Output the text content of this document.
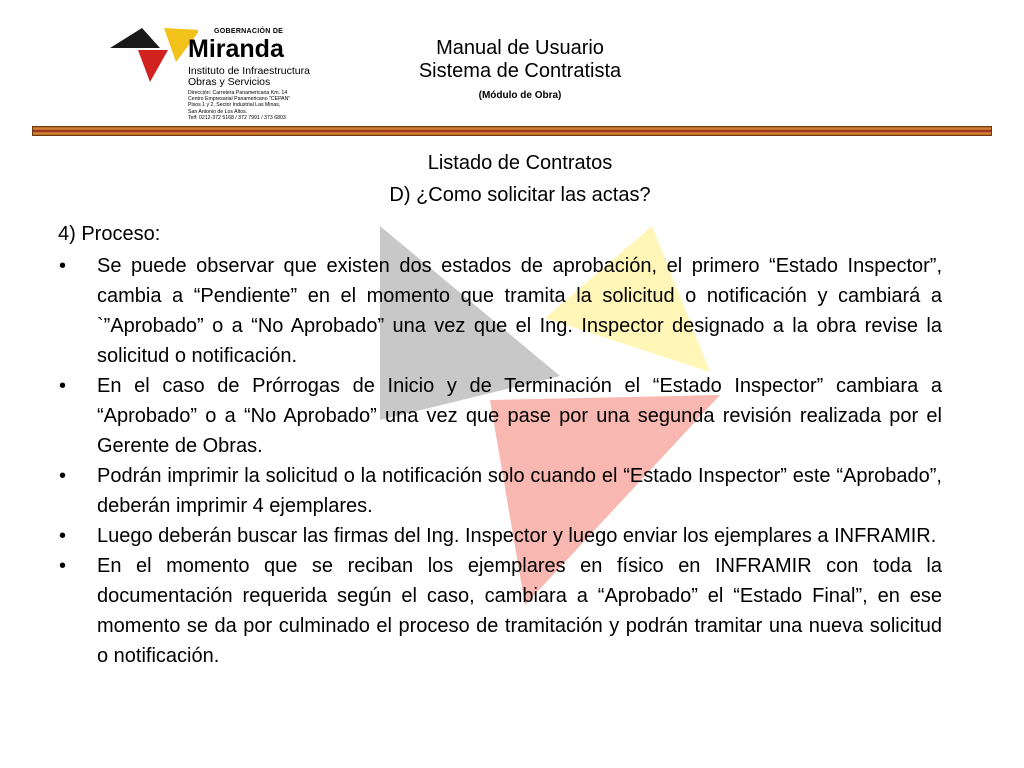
GOBERNACIÓN DE
Miranda
Instituto de Infraestructura
Obras y Servicios
Dirección: Carretera Panamericana Km. 14
Centro Empresarial Panamericano "CEPAN"
Pisos 1 y 2, Sector Industrial Las Minas,
San Antonio de Los Altos.
Telf: 0212-372 5168 / 372 7991 / 373 6803
Manual de Usuario
Sistema de Contratista
(Módulo de Obra)
Listado de Contratos
D) ¿Como solicitar las actas?
4) Proceso:
• Se puede observar que existen dos estados de aprobación, el primero “Estado Inspector”, cambia a “Pendiente” en el momento que tramita la solicitud o notificación y cambiará a `”Aprobado” o a “No Aprobado” una vez que el Ing. Inspector designado a la obra revise la solicitud o notificación.
• En el caso de Prórrogas de Inicio y de Terminación el “Estado Inspector” cambiara a “Aprobado” o a “No Aprobado” una vez que pase por una segunda revisión realizada por el Gerente de Obras.
• Podrán imprimir la solicitud o la notificación solo cuando el “Estado Inspector” este “Aprobado”, deberán imprimir 4 ejemplares.
• Luego deberán buscar las firmas del Ing. Inspector y luego enviar los ejemplares a INFRAMIR.
• En el momento que se reciban los ejemplares en físico en INFRAMIR con toda la documentación requerida según el caso, cambiara a “Aprobado” el “Estado Final”, en ese momento se da por culminado el proceso de tramitación y podrán tramitar una nueva solicitud o notificación.
